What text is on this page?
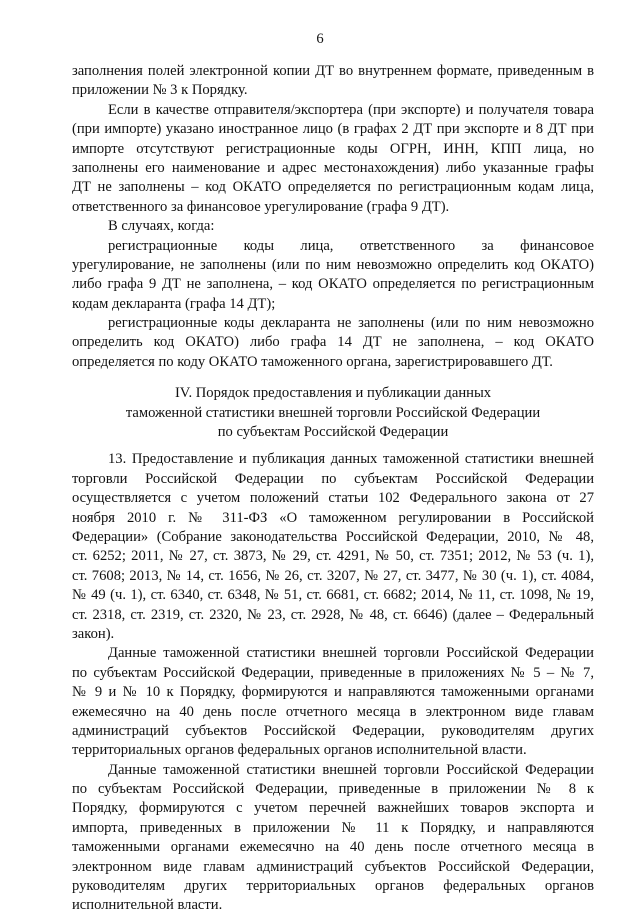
6
заполнения полей электронной копии ДТ во внутреннем формате, приведенным в
приложении № 3 к Порядку.
Если в качестве отправителя/экспортера (при экспорте) и получателя товара
(при импорте) указано иностранное лицо (в графах 2 ДТ при экспорте и 8 ДТ при
импорте отсутствуют регистрационные коды ОГРН, ИНН, КПП лица, но
заполнены его наименование и адрес местонахождения) либо указанные графы
ДТ не заполнены – код ОКАТО определяется по регистрационным кодам лица,
ответственного за финансовое урегулирование (графа 9 ДТ).
В случаях, когда:
регистрационные коды лица, ответственного за финансовое
урегулирование, не заполнены (или по ним невозможно определить код ОКАТО)
либо графа 9 ДТ не заполнена, – код ОКАТО определяется по регистрационным
кодам декларанта (графа 14 ДТ);
регистрационные коды декларанта не заполнены (или по ним невозможно
определить код ОКАТО) либо графа 14 ДТ не заполнена, – код ОКАТО
определяется по коду ОКАТО таможенного органа, зарегистрировавшего ДТ.
IV. Порядок предоставления и публикации данных
таможенной статистики внешней торговли Российской Федерации
по субъектам Российской Федерации
13. Предоставление и публикация данных таможенной статистики внешней
торговли Российской Федерации по субъектам Российской Федерации
осуществляется с учетом положений статьи 102 Федерального закона от 27
ноября 2010 г. № 311-ФЗ «О таможенном регулировании в Российской
Федерации» (Собрание законодательства Российской Федерации, 2010, № 48,
ст. 6252; 2011, № 27, ст. 3873, № 29, ст. 4291, № 50, ст. 7351; 2012, № 53 (ч. 1),
ст. 7608; 2013, № 14, ст. 1656, № 26, ст. 3207, № 27, ст. 3477, № 30 (ч. 1), ст. 4084,
№ 49 (ч. 1), ст. 6340, ст. 6348, № 51, ст. 6681, ст. 6682; 2014, № 11, ст. 1098, № 19,
ст. 2318, ст. 2319, ст. 2320, № 23, ст. 2928, № 48, ст. 6646) (далее – Федеральный
закон).
Данные таможенной статистики внешней торговли Российской Федерации
по субъектам Российской Федерации, приведенные в приложениях № 5 – № 7,
№ 9 и № 10 к Порядку, формируются и направляются таможенными органами
ежемесячно на 40 день после отчетного месяца в электронном виде главам
администраций субъектов Российской Федерации, руководителям других
территориальных органов федеральных органов исполнительной власти.
Данные таможенной статистики внешней торговли Российской Федерации
по субъектам Российской Федерации, приведенные в приложении № 8 к
Порядку, формируются с учетом перечней важнейших товаров экспорта и
импорта, приведенных в приложении № 11 к Порядку, и направляются
таможенными органами ежемесячно на 40 день после отчетного месяца в
электронном виде главам администраций субъектов Российской Федерации,
руководителям других территориальных органов федеральных органов
исполнительной власти.
